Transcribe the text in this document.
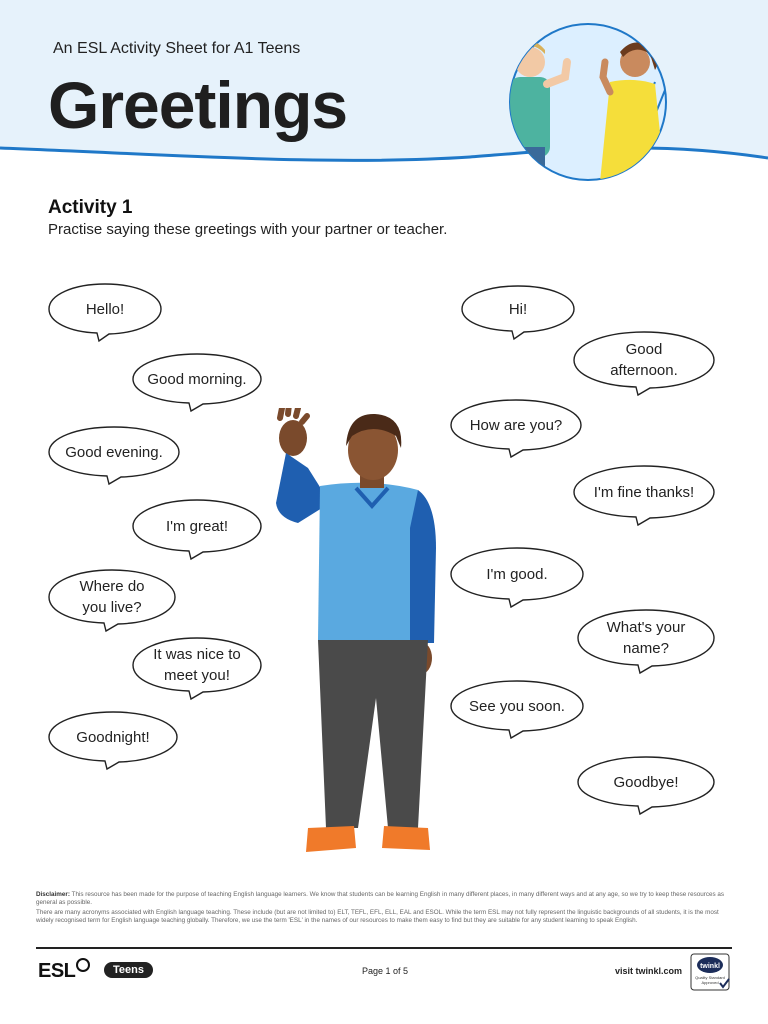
An ESL Activity Sheet for A1 Teens
Greetings
Activity 1
Practise saying these greetings with your partner or teacher.
Hello!
Good morning.
Good evening.
I'm great!
Where do
you live?
It was nice to
meet you!
Goodnight!
Hi!
Good
afternoon.
How are you?
I'm fine thanks!
I'm good.
What's your
name?
See you soon.
Goodbye!

Disclaimer: This resource has been made for the purpose of teaching English language learners. We know that students can be learning English in many different places, in many different ways and at any age, so we try to keep these resources as general as possible.

There are many acronyms associated with English language teaching. These include (but are not limited to) ELT, TEFL, EFL, ELL, EAL and ESOL. While the term ESL may not fully represent the linguistic backgrounds of all students, it is the most widely recognised term for English language teaching globally. Therefore, we use the term 'ESL' in the names of our resources to make them easy to find but they are suitable for any student learning to speak English.

ESL	Teens	Page 1 of 5	visit twinkl.com	twinkl
Quality Standard
Approved
